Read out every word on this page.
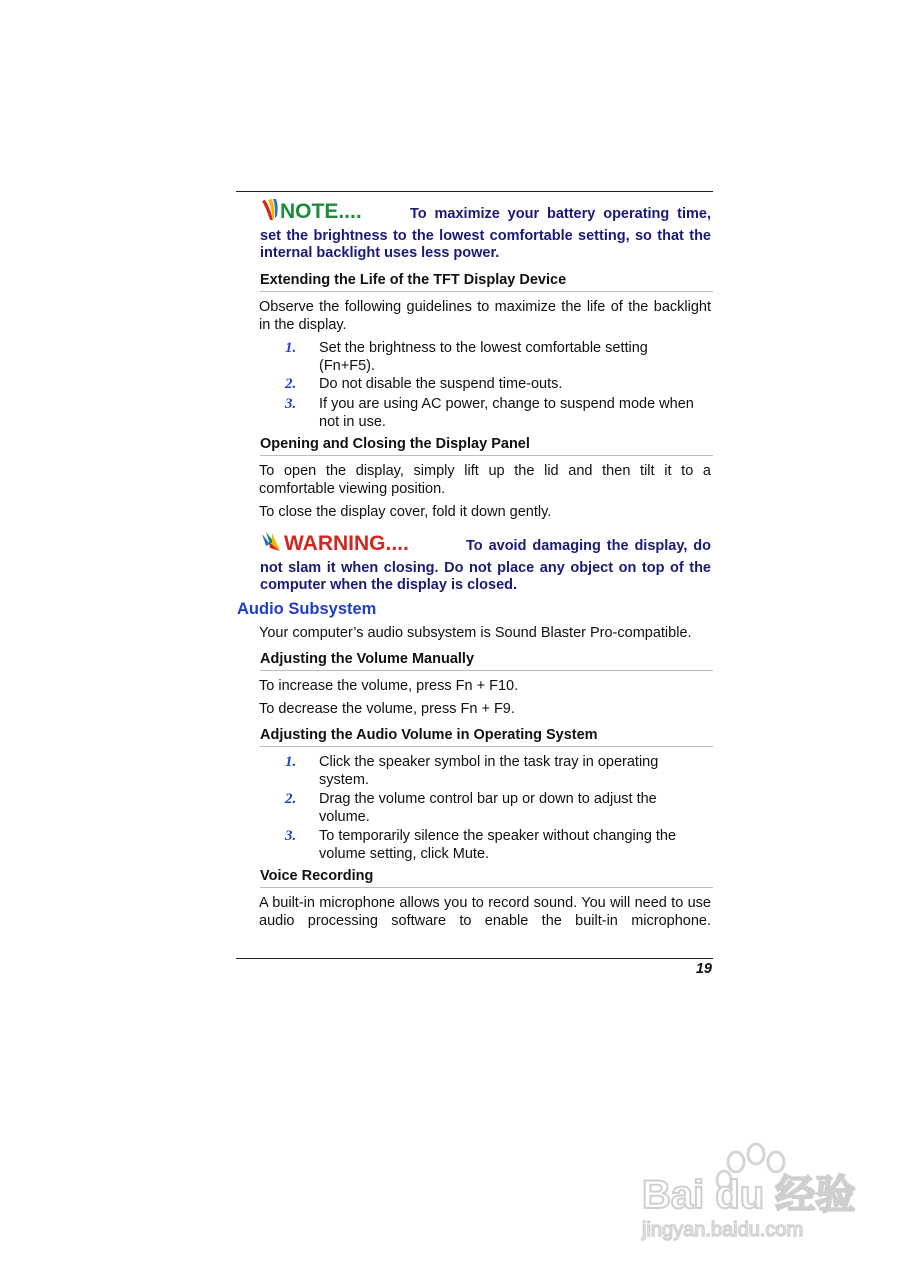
NOTE....	To maximize your battery operating time, set the brightness to the lowest comfortable setting, so that the internal backlight uses less power.
Extending the Life of the TFT Display Device
Observe the following guidelines to maximize the life of the backlight in the display.
1. Set the brightness to the lowest comfortable setting (Fn+F5).
2. Do not disable the suspend time-outs.
3. If you are using AC power, change to suspend mode when not in use.
Opening and Closing the Display Panel
To open the display, simply lift up the lid and then tilt it to a comfortable viewing position.
To close the display cover, fold it down gently.
WARNING....	To avoid damaging the display, do not slam it when closing. Do not place any object on top of the computer when the display is closed.
Audio Subsystem
Your computer’s audio subsystem is Sound Blaster Pro-compatible.
Adjusting the Volume Manually
To increase the volume, press Fn + F10.
To decrease the volume, press Fn + F9.
Adjusting the Audio Volume in Operating System
1. Click the speaker symbol in the task tray in operating system.
2. Drag the volume control bar up or down to adjust the volume.
3. To temporarily silence the speaker without changing the volume setting, click Mute.
Voice Recording
A built-in microphone allows you to record sound. You will need to use audio processing software to enable the built-in microphone.
19
Bai du 经验
jingyan.baidu.com
